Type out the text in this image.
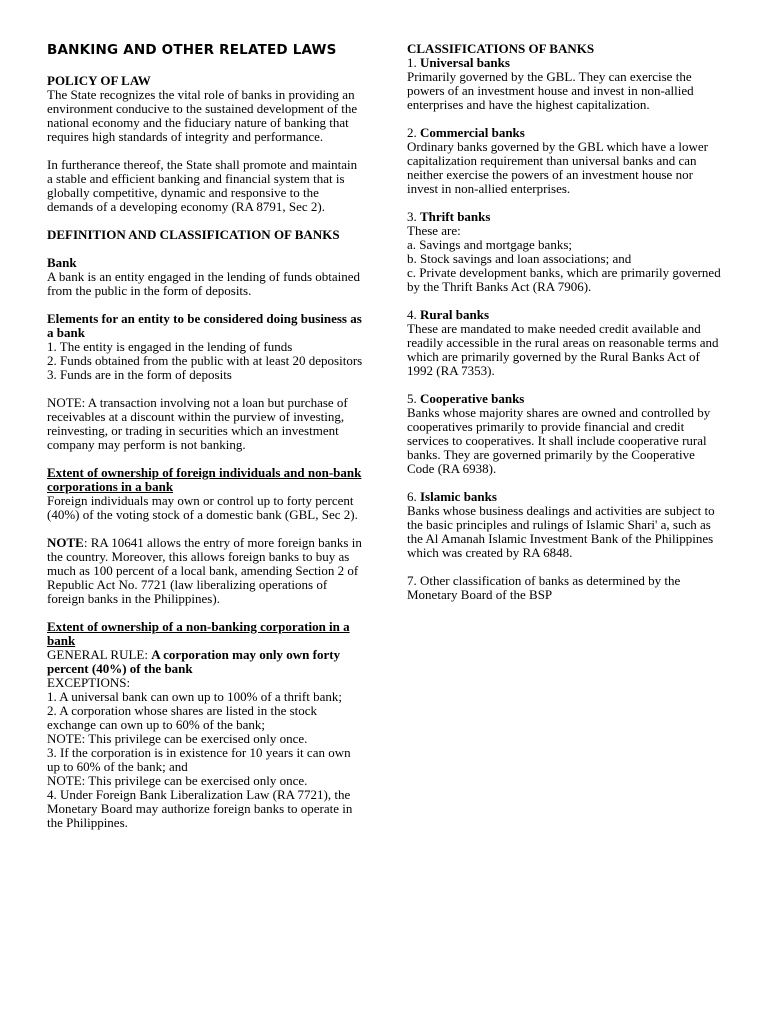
BANKING AND OTHER RELATED LAWS
POLICY OF LAW

The State recognizes the vital role of banks in providing an environment conducive to the sustained development of the national economy and the fiduciary nature of banking that requires high standards of integrity and performance.

In furtherance thereof, the State shall promote and maintain a stable and efficient banking and financial system that is globally competitive, dynamic and responsive to the demands of a developing economy (RA 8791, Sec 2).

DEFINITION AND CLASSIFICATION OF BANKS
Bank

A bank is an entity engaged in the lending of funds obtained from the public in the form of deposits.

Elements for an entity to be considered doing business as a bank
1. The entity is engaged in the lending of funds
2. Funds obtained from the public with at least 20 depositors
3. Funds are in the form of deposits

NOTE: A transaction involving not a loan but purchase of receivables at a discount within the purview of investing, reinvesting, or trading in securities which an investment company may perform is not banking.

Extent of ownership of foreign individuals and non-bank corporations in a bank

Foreign individuals may own or control up to forty percent (40%) of the voting stock of a domestic bank (GBL, Sec 2).

NOTE: RA 10641 allows the entry of more foreign banks in the country. Moreover, this allows foreign banks to buy as much as 100 percent of a local bank, amending Section 2 of Republic Act No. 7721 (law liberalizing operations of foreign banks in the Philippines).

Extent of ownership of a non-banking corporation in a bank

GENERAL RULE: A corporation may only own forty percent (40%) of the bank

EXCEPTIONS:
1. A universal bank can own up to 100% of a thrift bank;
2. A corporation whose shares are listed in the stock exchange can own up to 60% of the bank;
NOTE: This privilege can be exercised only once.
3. If the corporation is in existence for 10 years it can own up to 60% of the bank; and
NOTE: This privilege can be exercised only once.
4. Under Foreign Bank Liberalization Law (RA 7721), the Monetary Board may authorize foreign banks to operate in the Philippines.
CLASSIFICATIONS OF BANKS
1. Universal banks

Primarily governed by the GBL. They can exercise the powers of an investment house and invest in non-allied enterprises and have the highest capitalization.

2. Commercial banks

Ordinary banks governed by the GBL which have a lower capitalization requirement than universal banks and can neither exercise the powers of an investment house nor invest in non-allied enterprises.

3. Thrift banks

These are:
a. Savings and mortgage banks;
b. Stock savings and loan associations; and
c. Private development banks, which are primarily governed by the Thrift Banks Act (RA 7906).

4. Rural banks

These are mandated to make needed credit available and readily accessible in the rural areas on reasonable terms and which are primarily governed by the Rural Banks Act of 1992 (RA 7353).

5. Cooperative banks

Banks whose majority shares are owned and controlled by cooperatives primarily to provide financial and credit services to cooperatives. It shall include cooperative rural banks. They are governed primarily by the Cooperative Code (RA 6938).

6. Islamic banks

Banks whose business dealings and activities are subject to the basic principles and rulings of Islamic Shari' a, such as the Al Amanah Islamic Investment Bank of the Philippines which was created by RA 6848.

7. Other classification of banks as determined by the Monetary Board of the BSP
